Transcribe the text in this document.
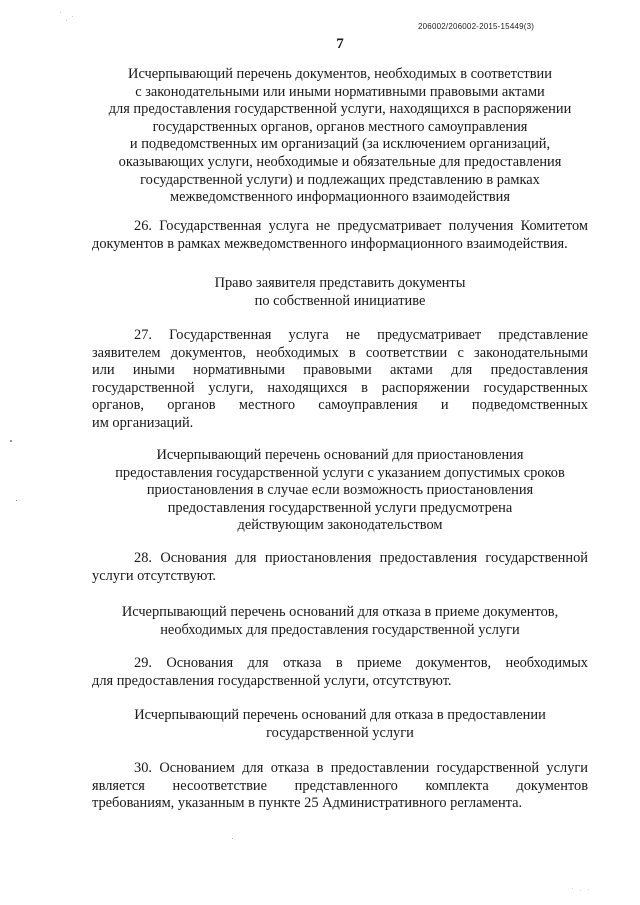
206002/206002-2015-15449(3)
7
Исчерпывающий перечень документов, необходимых в соответствии
с законодательными или иными нормативными правовыми актами
для предоставления государственной услуги, находящихся в распоряжении
государственных органов, органов местного самоуправления
и подведомственных им организаций (за исключением организаций,
оказывающих услуги, необходимые и обязательные для предоставления
государственной услуги) и подлежащих представлению в рамках
межведомственного информационного взаимодействия
26. Государственная услуга не предусматривает получения Комитетом
документов в рамках межведомственного информационного взаимодействия.
Право заявителя представить документы
по собственной инициативе
27. Государственная услуга не предусматривает представление
заявителем документов, необходимых в соответствии с законодательными
или иными нормативными правовыми актами для предоставления
государственной услуги, находящихся в распоряжении государственных
органов, органов местного самоуправления и подведомственных
им организаций.
Исчерпывающий перечень оснований для приостановления
предоставления государственной услуги с указанием допустимых сроков
приостановления в случае если возможность приостановления
предоставления государственной услуги предусмотрена
действующим законодательством
28. Основания для приостановления предоставления государственной
услуги отсутствуют.
Исчерпывающий перечень оснований для отказа в приеме документов,
необходимых для предоставления государственной услуги
29. Основания для отказа в приеме документов, необходимых
для предоставления государственной услуги, отсутствуют.
Исчерпывающий перечень оснований для отказа в предоставлении
государственной услуги
30. Основанием для отказа в предоставлении государственной услуги
является несоответствие представленного комплекта документов
требованиям, указанным в пункте 25 Административного регламента.
